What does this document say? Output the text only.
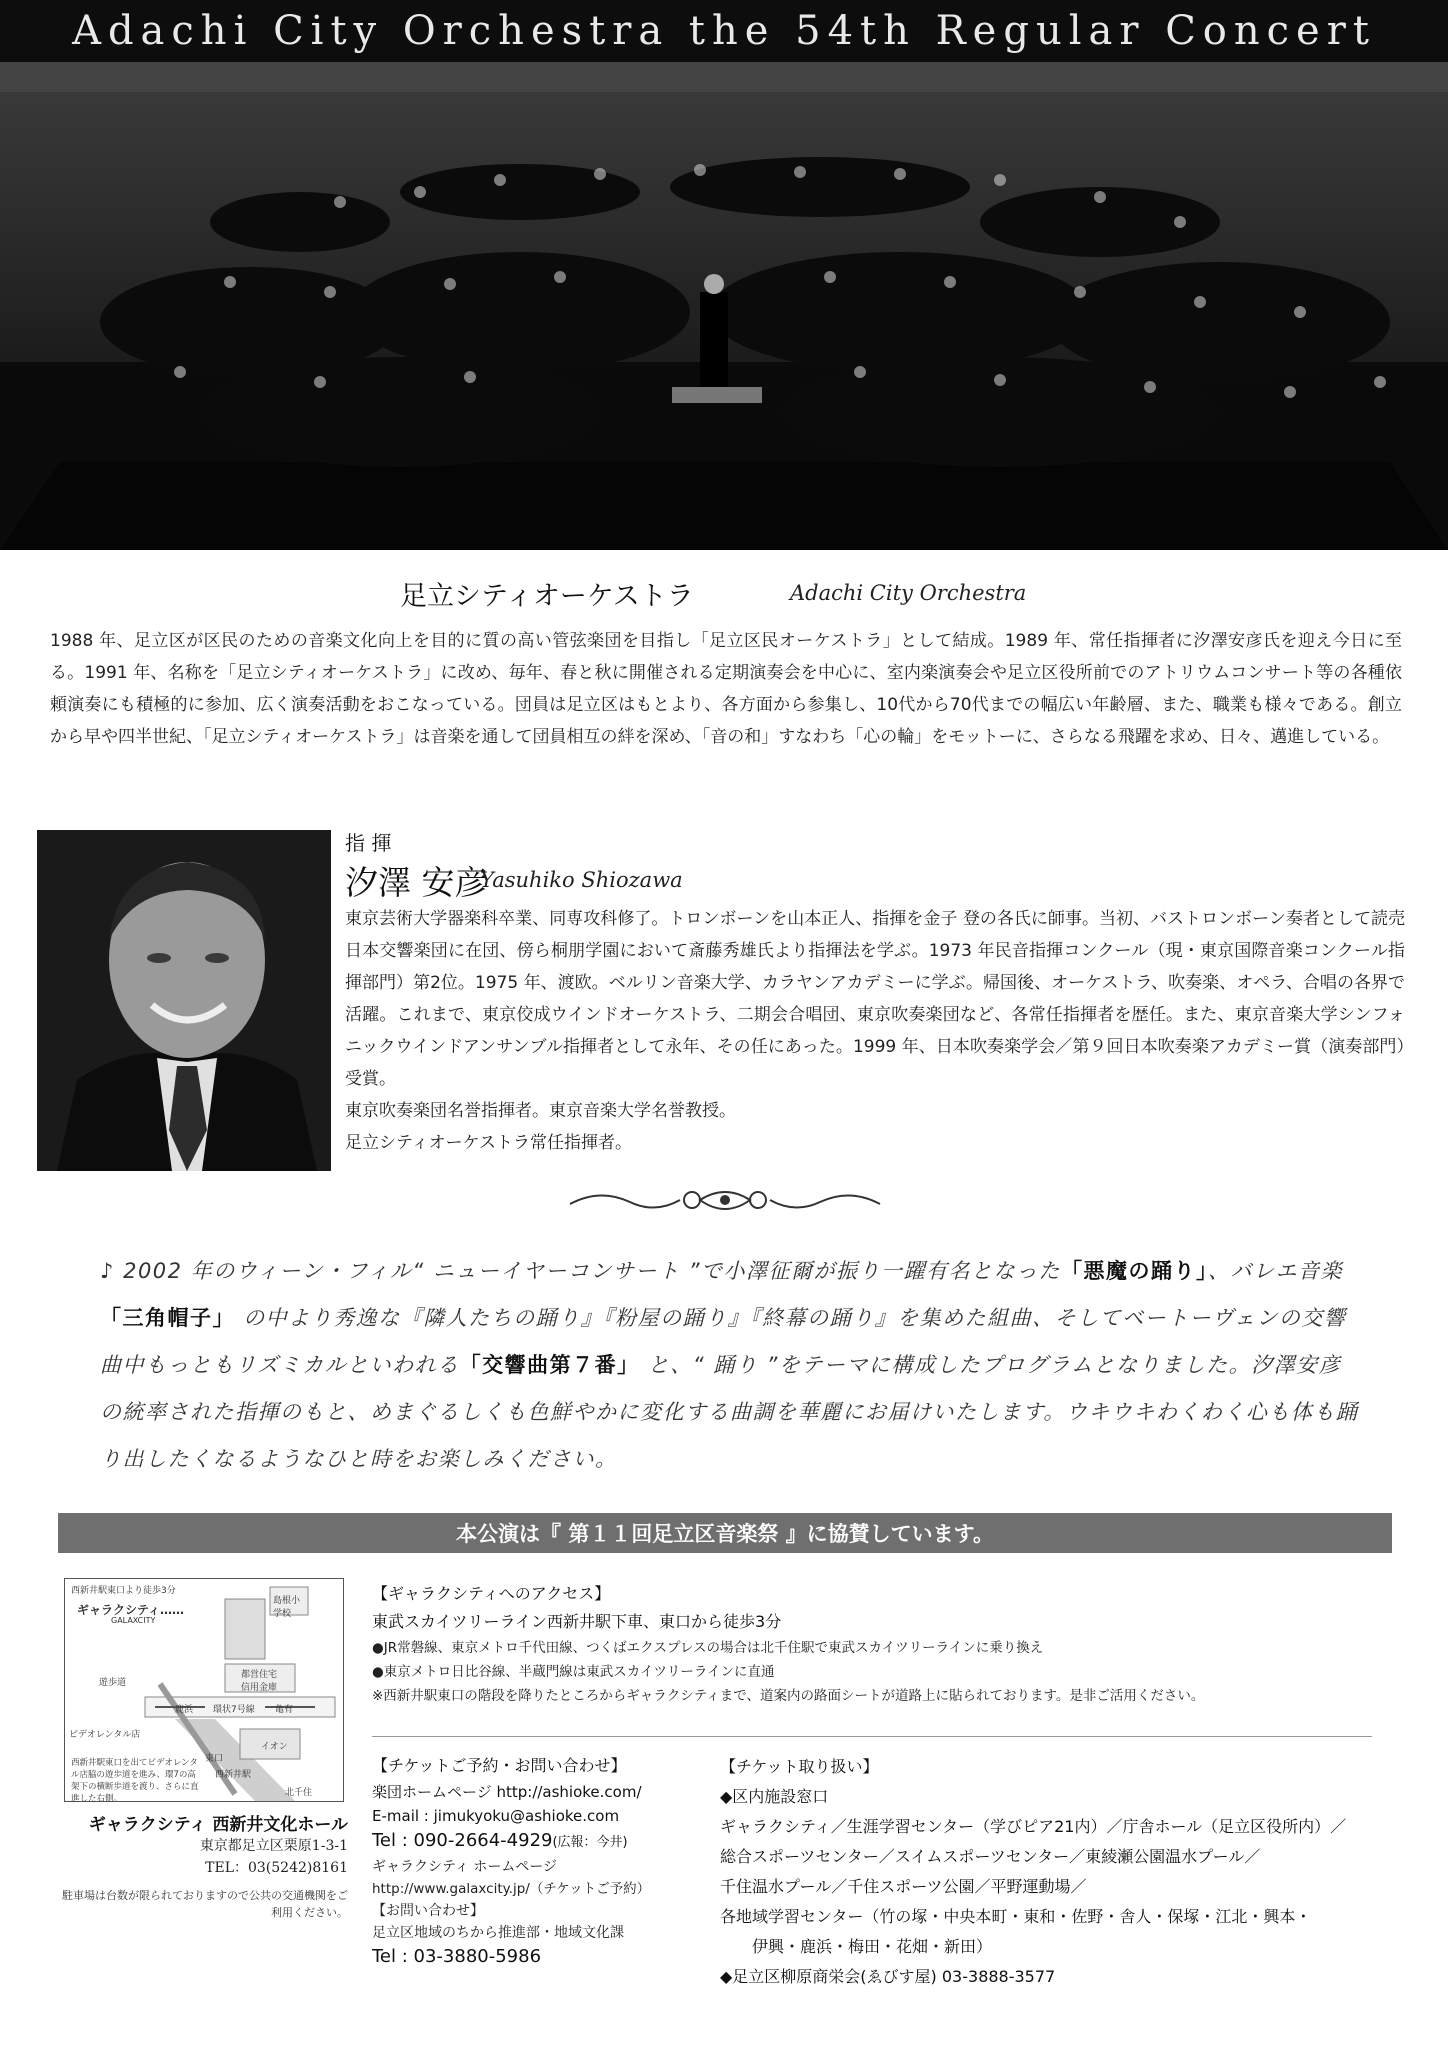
Adachi City Orchestra the 54th Regular Concert
足立シティオーケストラ	Adachi City Orchestra
1988 年、足立区が区民のための音楽文化向上を目的に質の高い管弦楽団を目指し「足立区民オーケストラ」として結成。1989 年、常任指揮者に汐澤安彦氏を迎え今日に至る。1991 年、名称を「足立シティオーケストラ」に改め、毎年、春と秋に開催される定期演奏会を中心に、室内楽演奏会や足立区役所前でのアトリウムコンサート等の各種依頼演奏にも積極的に参加、広く演奏活動をおこなっている。団員は足立区はもとより、各方面から参集し、10代から70代までの幅広い年齢層、また、職業も様々である。創立から早や四半世紀、「足立シティオーケストラ」は音楽を通して団員相互の絆を深め、「音の和」すなわち「心の輪」をモットーに、さらなる飛躍を求め、日々、邁進している。
指 揮
汐澤 安彦
Yasuhiko Shiozawa
東京芸術大学器楽科卒業、同専攻科修了。トロンボーンを山本正人、指揮を金子 登の各氏に師事。当初、バストロンボーン奏者として読売日本交響楽団に在団、傍ら桐朋学園において斎藤秀雄氏より指揮法を学ぶ。1973 年民音指揮コンクール（現・東京国際音楽コンクール指揮部門）第2位。1975 年、渡欧。ベルリン音楽大学、カラヤンアカデミーに学ぶ。帰国後、オーケストラ、吹奏楽、オペラ、合唱の各界で活躍。これまで、東京佼成ウインドオーケストラ、二期会合唱団、東京吹奏楽団など、各常任指揮者を歴任。また、東京音楽大学シンフォニックウインドアンサンブル指揮者として永年、その任にあった。1999 年、日本吹奏楽学会／第９回日本吹奏楽アカデミー賞（演奏部門）受賞。
東京吹奏楽団名誉指揮者。東京音楽大学名誉教授。
足立シティオーケストラ常任指揮者。
♪ 2002 年のウィーン・フィル“ ニューイヤーコンサート ”で小澤征爾が振り一躍有名となった「悪魔の踊り」、バレエ音楽 「三角帽子」 の中より秀逸な『隣人たちの踊り』『粉屋の踊り』『終幕の踊り』を集めた組曲、そしてベートーヴェンの交響曲中もっともリズミカルといわれる「交響曲第７番」 と、“ 踊り ”をテーマに構成したプログラムとなりました。汐澤安彦の統率された指揮のもと、めまぐるしくも色鮮やかに変化する曲調を華麗にお届けいたします。ウキウキわくわく心も体も踊り出したくなるようなひと時をお楽しみください。
本公演は『 第１１回足立区音楽祭 』に協賛しています。
西新井駅東口より徒歩3分
ギャラクシティ……
GALAXCITY
島根小学校
都営住宅
信用金庫
遊歩道
鹿浜 環状7号線 亀有
ビデオレンタル店
イオン
東口
西新井駅
北千住
西新井駅東口を出てビデオレンタル店脇の遊歩道を進み、環7の高架下の横断歩道を渡り、さらに直進した右側。
ギャラクシティ 西新井文化ホール
東京都足立区栗原1-3-1
TEL：03(5242)8161
駐車場は台数が限られておりますので公共の交通機関をご利用ください。
【ギャラクシティへのアクセス】
東武スカイツリーライン西新井駅下車、東口から徒歩3分
●JR常磐線、東京メトロ千代田線、つくばエクスプレスの場合は北千住駅で東武スカイツリーラインに乗り換え
●東京メトロ日比谷線、半蔵門線は東武スカイツリーラインに直通
※西新井駅東口の階段を降りたところからギャラクシティまで、道案内の路面シートが道路上に貼られております。是非ご活用ください。
【チケットご予約・お問い合わせ】
楽団ホームページ http://ashioke.com/
E-mail : jimukyoku@ashioke.com
Tel : 090-2664-4929(広報：今井)
ギャラクシティ ホームページ
http://www.galaxcity.jp/（チケットご予約）
【お問い合わせ】
足立区地域のちから推進部・地域文化課
Tel : 03-3880-5986
【チケット取り扱い】
◆区内施設窓口
ギャラクシティ／生涯学習センター（学びピア21内）／庁舎ホール（足立区役所内）／
総合スポーツセンター／スイムスポーツセンター／東綾瀬公園温水プール／
千住温水プール／千住スポーツ公園／平野運動場／
各地域学習センター（竹の塚・中央本町・東和・佐野・舎人・保塚・江北・興本・
伊興・鹿浜・梅田・花畑・新田）
◆足立区柳原商栄会(ゑびす屋) 03-3888-3577
